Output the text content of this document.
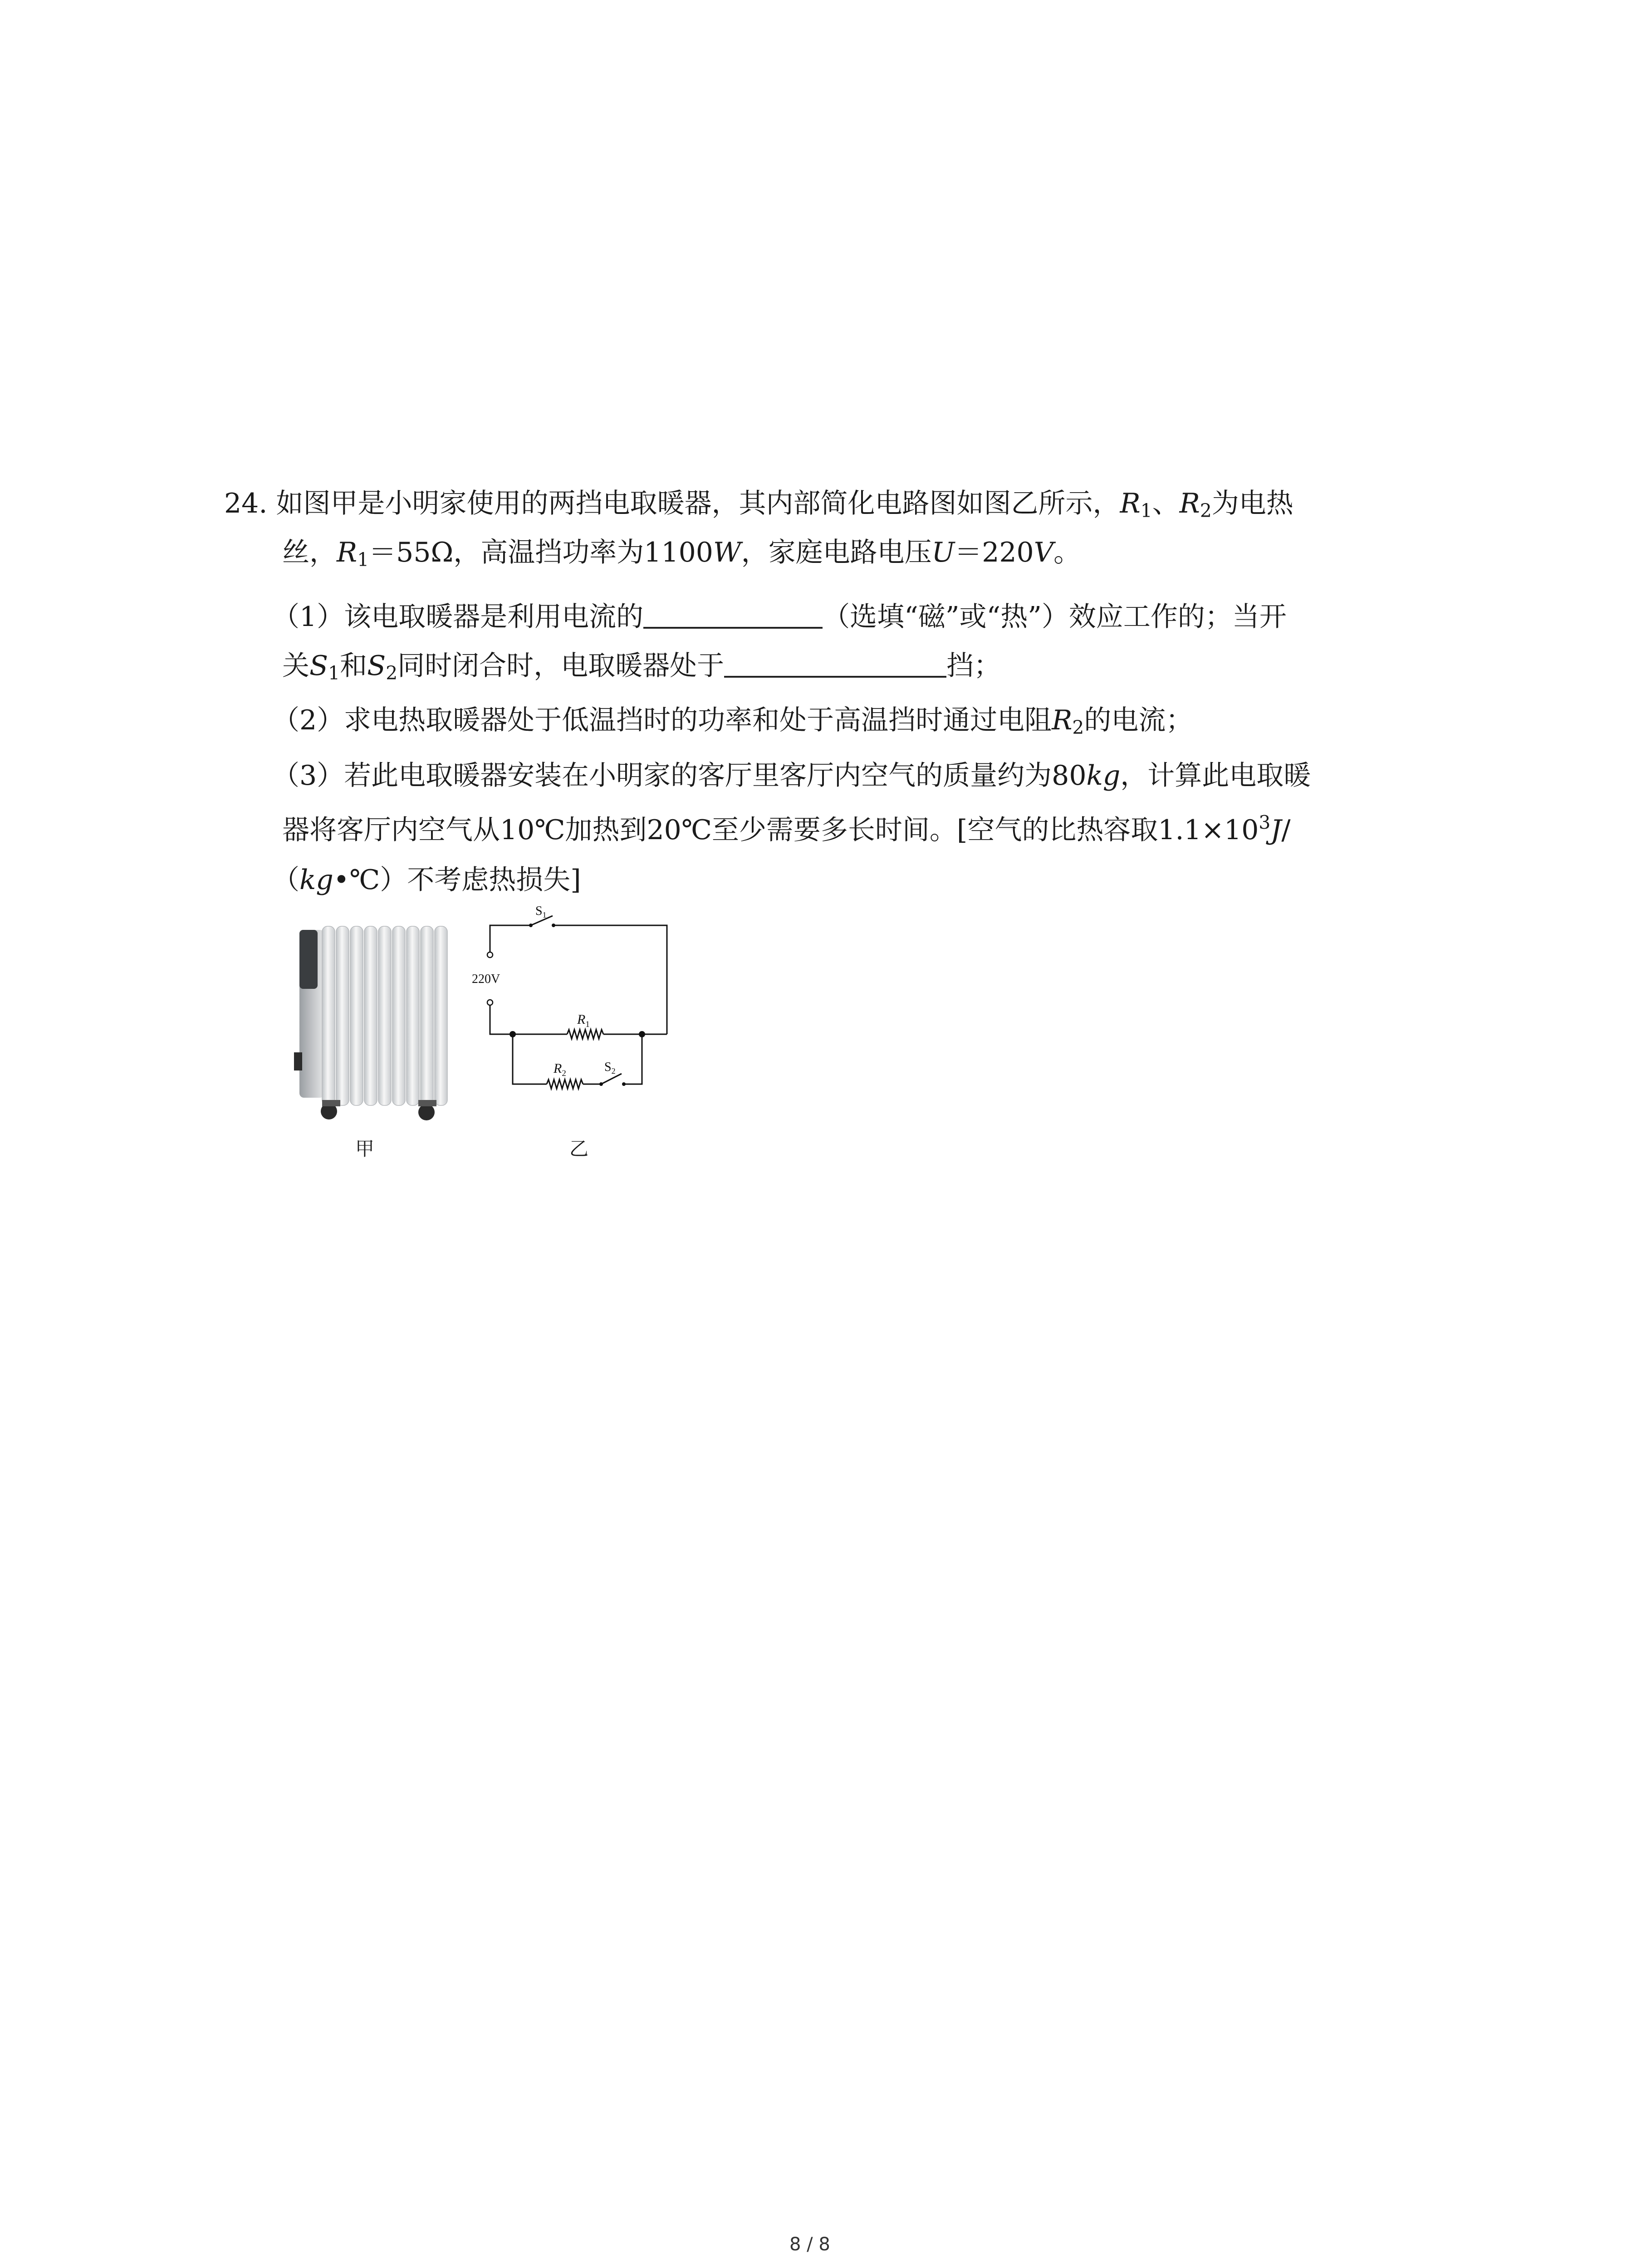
24. 如图甲是小明家使用的两挡电取暖器，其内部简化电路图如图乙所示，$R_1$、$R_2$为电热
丝，$R_1=55\Omega$，高温挡功率为1100W，家庭电路电压U＝220V。
（1）该电取暖器是利用电流的	（选填“磁”或“热”）效应工作的；当开
关$S_1$和$S_2$同时闭合时，电取暖器处于	挡；
（2）求电热取暖器处于低温挡时的功率和处于高温挡时通过电阻$R_2$的电流；
（3）若此电取暖器安装在小明家的客厅里客厅内空气的质量约为80kg，计算此电取暖
器将客厅内空气从10℃加热到20℃至少需要多长时间。[空气的比热容取$1.1\times 10^3J/$
（kg•℃）不考虑热损失]
220V
$S_1$
$R_1$
$R_2$	$S_2$
甲	乙
8 / 8
